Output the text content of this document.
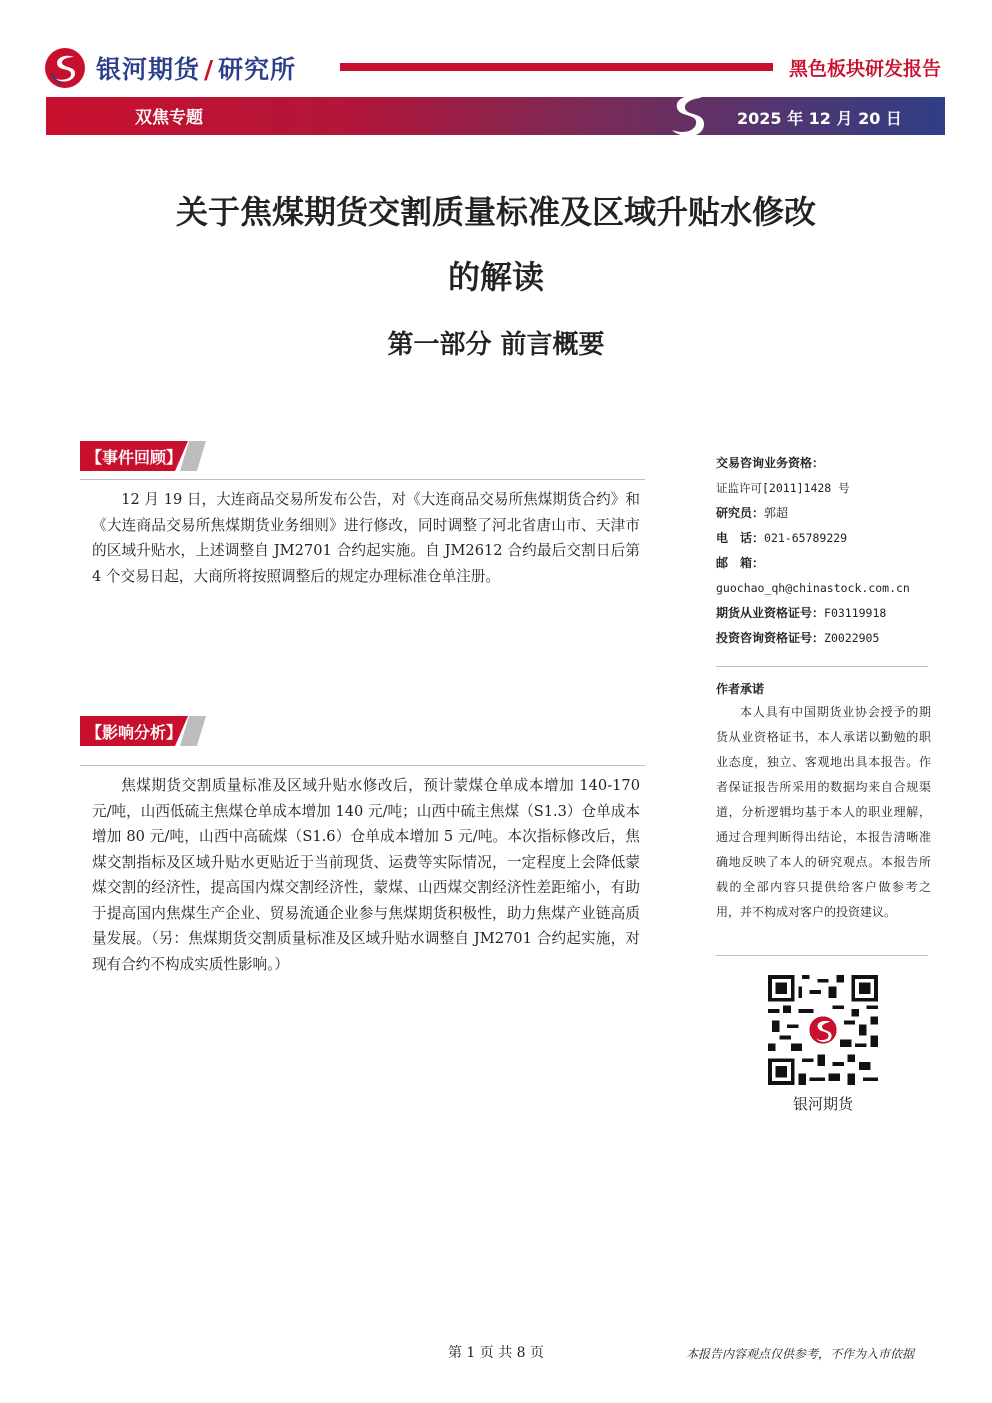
银河期货 / 研究所	黑色板块研发报告
双焦专题	2025 年 12 月 20 日
关于焦煤期货交割质量标准及区域升贴水修改
的解读
第一部分 前言概要
【事件回顾】
12 月 19 日，大连商品交易所发布公告，对《大连商品交易所焦煤期货合约》和《大连商品交易所焦煤期货业务细则》进行修改，同时调整了河北省唐山市、天津市的区域升贴水，上述调整自 JM2701 合约起实施。自 JM2612 合约最后交割日后第 4 个交易日起，大商所将按照调整后的规定办理标准仓单注册。
【影响分析】
焦煤期货交割质量标准及区域升贴水修改后，预计蒙煤仓单成本增加 140-170 元/吨，山西低硫主焦煤仓单成本增加 140 元/吨；山西中硫主焦煤（S1.3）仓单成本增加 80 元/吨，山西中高硫煤（S1.6）仓单成本增加 5 元/吨。本次指标修改后，焦煤交割指标及区域升贴水更贴近于当前现货、运费等实际情况，一定程度上会降低蒙煤交割的经济性，提高国内煤交割经济性，蒙煤、山西煤交割经济性差距缩小，有助于提高国内焦煤生产企业、贸易流通企业参与焦煤期货积极性，助力焦煤产业链高质量发展。（另：焦煤期货交割质量标准及区域升贴水调整自 JM2701 合约起实施，对现有合约不构成实质性影响。）
交易咨询业务资格：
证监许可[2011]1428 号
研究员：郭超
电　话：021-65789229
邮　箱：
guochao_qh@chinastock.com.cn
期货从业资格证号：F03119918
投资咨询资格证号：Z0022905
作者承诺
本人具有中国期货业协会授予的期货从业资格证书，本人承诺以勤勉的职业态度，独立、客观地出具本报告。作者保证报告所采用的数据均来自合规渠道，分析逻辑均基于本人的职业理解，通过合理判断得出结论，本报告清晰准确地反映了本人的研究观点。本报告所载的全部内容只提供给客户做参考之用，并不构成对客户的投资建议。
银河期货
第 1 页 共 8 页	本报告内容观点仅供参考，不作为入市依据
